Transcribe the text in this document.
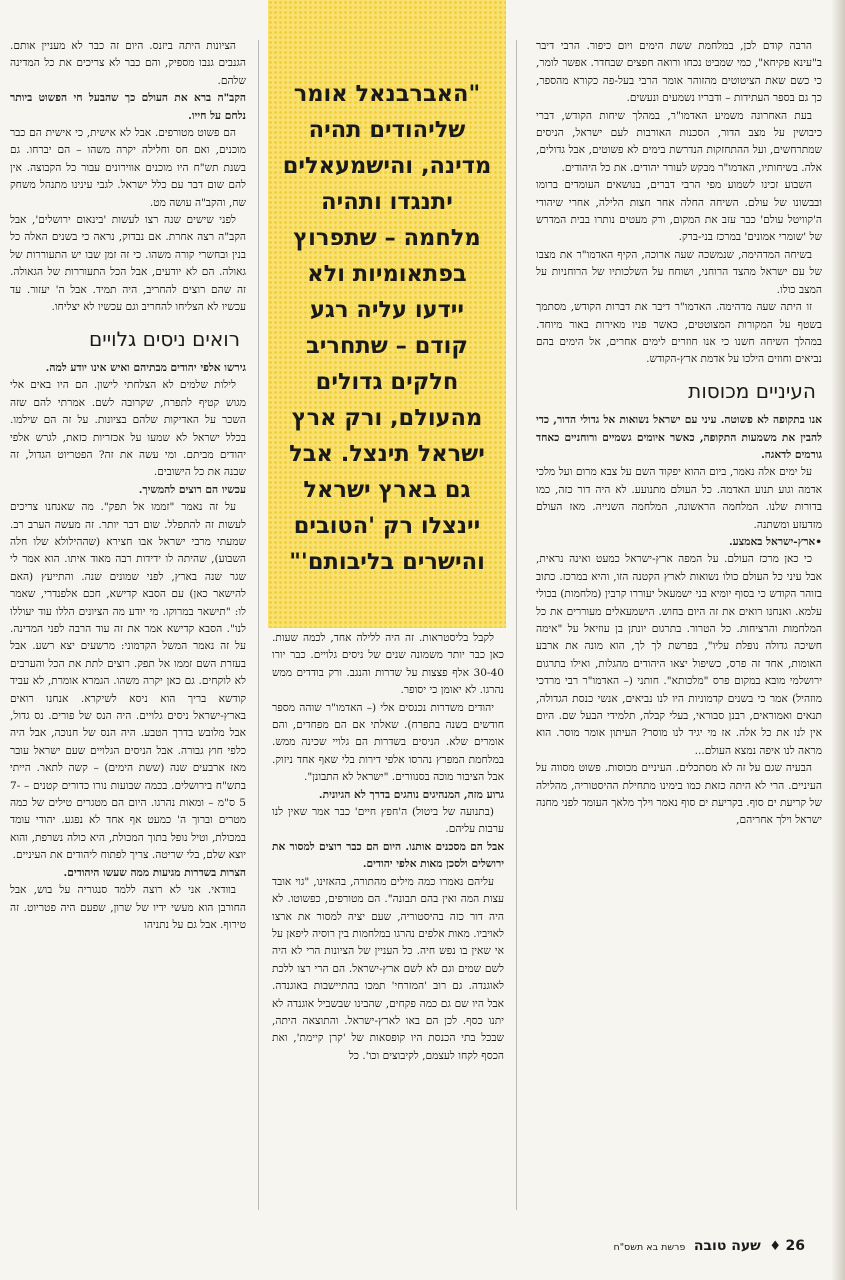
"האברבנאל אומר שליהודים תהיה מדינה, והישמעאלים יתנגדו ותהיה מלחמה – שתפרוץ בפתאומיות ולא יידעו עליה רגע קודם – שתחריב חלקים גדולים מהעולם, ורק ארץ ישראל תינצל. אבל גם בארץ ישראל יינצלו רק 'הטובים והישרים בליבותם'"

הרבה קודם לכן, במלחמת ששת הימים ויום כיפור. הרבי דיבר ב"עינא פקיחא", כמי שמביט נכחו ורואה חפצים שבחדר. אפשר לומר, כי כשם שאת הציטוטים מהזוהר אומר הרבי בעל-פה כקורא מהספר, כך גם בספר העתידות – ודבריו נשמעים ונעשים.

בעת האחרונה משמיע האדמו"ר, במהלך שיחות הקודש, דברי כיבושין על מצב הדור, הסכנות האורבות לעם ישראל, הניסים שמתרחשים, ועל ההתחזקות הנדרשת בימים לא פשוטים, אבל גדולים, אלה. בשיחותיו, האדמו"ר מבקש לעורר יהודים. את כל היהודים.

השבוע זכינו לשמוע מפי הרבי דברים, בנושאים העומדים ברומו ובבשונו של עולם. השיחה החלה אחר חצות הלילה, אחרי שיהודי ה'קוויטל עולם' כבר עזב את המקום, ורק מעטים נותרו בבית המדרש של 'שומרי אמונים' במרכז בני-ברק.

בשיחה המדהימה, שנמשכה שעה ארוכה, הקיף האדמו"ר את מצבו של עם ישראל מהצד הרוחני, ושוחח על השלכותיו של הרוחניות על המצב כולו.

זו היתה שעה מדהימה. האדמו"ר דיבר את דברות הקודש, מסתמך בשטף על המקורות המצוטטים, כאשר פניו מאירות באור מיוחד. במהלך השיחה חשנו כי אנו חוזרים לימים אחרים, אל הימים בהם נביאים וחוזים הילכו על אדמת ארץ-הקודש.

העיניים מכוסות

אנו בתקופה לא פשוטה. עיני עם ישראל נשואות אל גדולי הדור, כדי להבין את משמעות התקופה, כאשר איומים גשמיים ורוחניים כאחד גורמים לדאגה.

על ימים אלה נאמר, ביום ההוא יפקוד השם על צבא מרום ועל מלכי אדמה וגוע תנוע האדמה. כל העולם מתנועע. לא היה דור כזה, כמו בדורות שלנו. המלחמה הראשונה, המלחמה השנייה. מאז העולם מזדעזע ומשתנה.

•ארץ-ישראל באמצע.

כי כאן מרכז העולם. על המפה ארץ-ישראל כמעט ואינה נראית, אבל עיני כל העולם כולו נשואות לארץ הקטנה הזו, והיא במרכז. כתוב בזוהר הקודש כי בסוף יומיא בני ישמעאל יעוררו קרבין (מלחמות) בכולי עלמא. ואנחנו רואים את זה היום בחוש. הישמעאלים מעוררים את כל המלחמות והרציחות. כל הטרור. בתרגום יונתן בן עוזיאל על "אימה חשיכה גדולה נופלת עליו", בפרשת לך לך, הוא מונה את ארבע האומות, אחד זה פרס, כשיפול יצאו היהודים מהגלות, ואילו בתרגום ירושלמי מובא במקום פרס "מלכותא". חותני (– האדמו"ר רבי מרדכי מוזהיל) אמר כי בשנים קדמוניות היו לנו נביאים, אנשי כנסת הגדולה, תנאים ואמוראים, רבנן סבוראי, בעלי קבלה, תלמידי הבעל שם. היום אין לנו את כל אלה. אז מי יגיד לנו מוסר? העיתון אומר מוסר. הוא מראה לנו איפה נמצא העולם...

הבעיה שגם על זה לא מסתכלים. העיניים מכוסות. פשוט מסווה על העיניים. הרי לא היתה כזאת כמו בימינו מתחילת ההיסטוריה, מהלילה של קריעת ים סוף. בקריעת ים סוף נאמר וילך מלאך העומד לפני מחנה ישראל וילך אחריהם,

לקבל בליסטראות. זה היה ללילה אחד, לכמה שעות. כאן כבר יותר משמונה שנים של ניסים גלויים. כבר יורו 30-40 אלף פצצות על שדרות והנגב. ורק בודדים ממש נהרגו. לא יאומן כי יסופר.

יהודים משדרות נכנסים אלי (– האדמו"ר שוהה מספר חודשים בשנה בתפרח). שאלתי אם הם מפחדים, והם אומרים שלא. הניסים בשדרות הם גלויי שכינה ממש. במלחמת המפרץ נהרסו אלפי דירות בלי שאף אחד ניזוק. אבל הציבור מוכה בסנוורים. "ישראל לא התבונן".

גרוע מזה, המנהיגים נוהגים בדרך לא הגיונית.

(בתנועה של ביטול) ה'חפץ חיים' כבר אמר שאין לנו ערבות עליהם.

אבל הם מסכנים אותנו. היום הם כבר רוצים למסור את ירושלים ולסכן מאות אלפי יהודים.

עליהם נאמרו כמה מילים מהתורה, בהאזינו, "גוי אובד עצות המה ואין בהם תבונה". הם מטורפים, כפשוטו. לא היה דור כזה בהיסטוריה, שעם יציה למסור את ארצו לאויביו. מאות אלפים נהרגו במלחמות בין רוסיה ליפאן על אי שאין בו נפש חיה. כל העניין של הציונות הרי לא היה לשם שמים וגם לא לשם ארץ-ישראל. הם הרי רצו ללכת לאוגנדה. גם רוב 'המזרחי' תמכו בהתיישבות באוגנדה. אבל היו שם גם כמה פקחים, שהבינו שבשביל אוגנדה לא יתנו כסף. לכן הם באו לארץ-ישראל. והתוצאה היתה, שבכל בתי הכנסת היו קופסאות של 'קרן קיימת', ואת הכסף לקחו לעצמם, לקיבוצים וכו'. כל

הציונות היתה ביזנס. היום זה כבר לא מעניין אותם. הגנבים גנבו מספיק, והם כבר לא צריכים את כל המדינה שלהם.

הקב"ה ברא את העולם כך שהבעל חי הפשוט ביותר נלחם על חייו.

הם פשוט מטורפים. אבל לא אישית, כי אישית הם כבר מוכנים, ואם חס וחלילה יקרה משהו – הם יברחו. גם בשנת תש"ח היו מוכנים אווירונים עבור כל הקבוצה. אין להם שום דבר עם כלל ישראל. לגבי עינינו מתנהל משחק שח, והקב"ה עושה מט.

לפני שישים שנה רצו לעשות 'בינאום ירושלים', אבל הקב"ה רצה אחרת. אם נבדוק, נראה כי בשנים האלה כל בנין ובחשרי קורה משהו. כי זה זמן שבו יש התעוררות של גאולה. הם לא יודעים, אבל הכל התעוררות של הגאולה. זה שהם רוצים להחריב, היה תמיד. אבל ה' יעזור. עד עכשיו לא הצליחו להחריב וגם עכשיו לא יצליחו.

רואים ניסים גלויים

גירשו אלפי יהודים מבתיהם ואיש אינו יודע למה.

לילות שלמים לא הצלחתי לישון. הם היו באים אלי מגוש קטיף לתפרח, שקרובה לשם. אמרתי להם שזה השכר על האדיקות שלהם בציונות. על זה הם שילמו. בכלל ישראל לא שמעו על אכזריות כזאת, לגרש אלפי יהודים מביתם. ומי עשה את זה? הפטריוט הגדול, זה שבנה את כל הישובים.

עכשיו הם רוצים להמשיך.

על זה נאמר "זממו אל תפק". מה שאנחנו צריכים לעשות זה להתפלל. שום דבר יותר. זה מעשה הערב רב. שמעתי מרבי ישראל אבו חצירא (שההילולא שלו חלה השבוע), שהיתה לו ידידות רבה מאוד איתו. הוא אמר לי שגר שנה בארץ, לפני שמונים שנה. והתייעץ (האם להישאר כאן) עם הסבא קדישא, חכם אלפנדרי, שאמר לו: "תישאר במרוקו. מי יודע מה הציונים הללו עוד יעוללו לנו". הסבא קדישא אמר את זה עוד הרבה לפני המדינה. על זה נאמר המשל הקדמוני: מרשעים יצא רשע. אבל בעזרת השם זממו אל תפק. רוצים לתת את הכל והערבים לא לוקחים. גם כאן יקרה משהו. הגמרא אומרת, לא עביד קודשא בריך הוא ניסא לשיקרא. אנחנו רואים בארץ-ישראל ניסים גלויים. היה הנס של פורים. נס גדול, אבל מלובש בדרך הטבע. היה הנס של חנוכה, אבל היה כלפי חוץ גבורה. אבל הניסים הגלויים שעם ישראל עובר מאז ארבעים שנה (ששת הימים) – קשה לתאר. הייתי בתש"ח בירושלים. בכמה שבועות נורו כדורים קטנים – 7-5 ס"מ – ומאות נהרגו. היום הם מטגרים טילים של כמה מטרים וברוך ה' כמעט אף אחד לא נפגע. יהודי עומד במכולת, וטיל נופל בתוך המכולת, היא כולה נשרפת, והוא יוצא שלם, בלי שריטה. צריך לפתוח ליהודים את העיניים.

הצרות בשדרות מגיעות ממה שעשו היהודים.

בוודאי. אני לא רוצה ללמד סנגוריה על בוש, אבל החורבן הוא מעשי ידיו של שרון, שפעם היה פטריוט. זה טירוף. אבל גם על נתניהו

26 ♦ שעה טובה פרשת בא תשס"ח
